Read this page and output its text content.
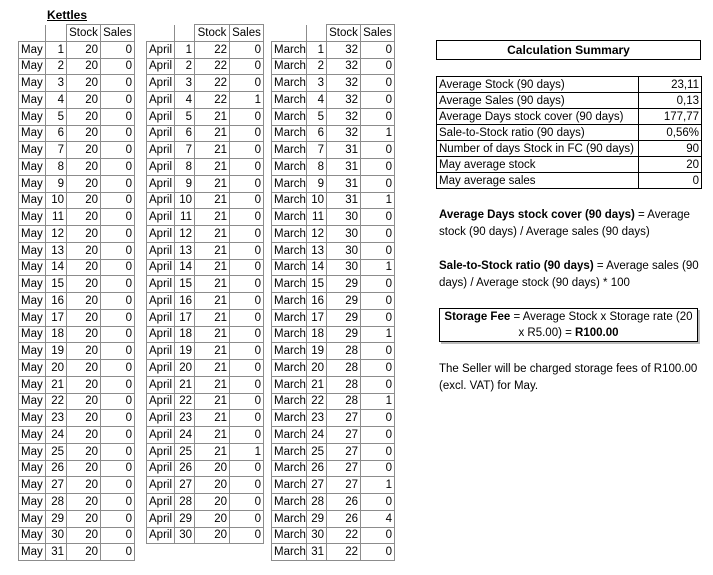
Kettles
		Stock	Sales
May	1	20	0
May	2	20	0
May	3	20	0
May	4	20	0
May	5	20	0
May	6	20	0
May	7	20	0
May	8	20	0
May	9	20	0
May	10	20	0
May	11	20	0
May	12	20	0
May	13	20	0
May	14	20	0
May	15	20	0
May	16	20	0
May	17	20	0
May	18	20	0
May	19	20	0
May	20	20	0
May	21	20	0
May	22	20	0
May	23	20	0
May	24	20	0
May	25	20	0
May	26	20	0
May	27	20	0
May	28	20	0
May	29	20	0
May	30	20	0
May	31	20	0
		Stock	Sales
April	1	22	0
April	2	22	0
April	3	22	0
April	4	22	1
April	5	21	0
April	6	21	0
April	7	21	0
April	8	21	0
April	9	21	0
April	10	21	0
April	11	21	0
April	12	21	0
April	13	21	0
April	14	21	0
April	15	21	0
April	16	21	0
April	17	21	0
April	18	21	0
April	19	21	0
April	20	21	0
April	21	21	0
April	22	21	0
April	23	21	0
April	24	21	0
April	25	21	1
April	26	20	0
April	27	20	0
April	28	20	0
April	29	20	0
April	30	20	0
		Stock	Sales
March	1	32	0
March	2	32	0
March	3	32	0
March	4	32	0
March	5	32	0
March	6	32	1
March	7	31	0
March	8	31	0
March	9	31	0
March	10	31	1
March	11	30	0
March	12	30	0
March	13	30	0
March	14	30	1
March	15	29	0
March	16	29	0
March	17	29	0
March	18	29	1
March	19	28	0
March	20	28	0
March	21	28	0
March	22	28	1
March	23	27	0
March	24	27	0
March	25	27	0
March	26	27	0
March	27	27	1
March	28	26	0
March	29	26	4
March	30	22	0
March	31	22	0
Calculation Summary
Average Stock (90 days)	23,11
Average Sales (90 days)	0,13
Average Days stock cover (90 days)	177,77
Sale-to-Stock ratio (90 days)	0,56%
Number of days Stock in FC (90 days)	90
May average stock	20
May average sales	0
Average Days stock cover (90 days) = Average stock (90 days) / Average sales (90 days)
Sale-to-Stock ratio (90 days) = Average sales (90 days) / Average stock (90 days) * 100
Storage Fee = Average Stock x Storage rate (20 x R5.00) = R100.00
The Seller will be charged storage fees of R100.00 (excl. VAT) for May.
